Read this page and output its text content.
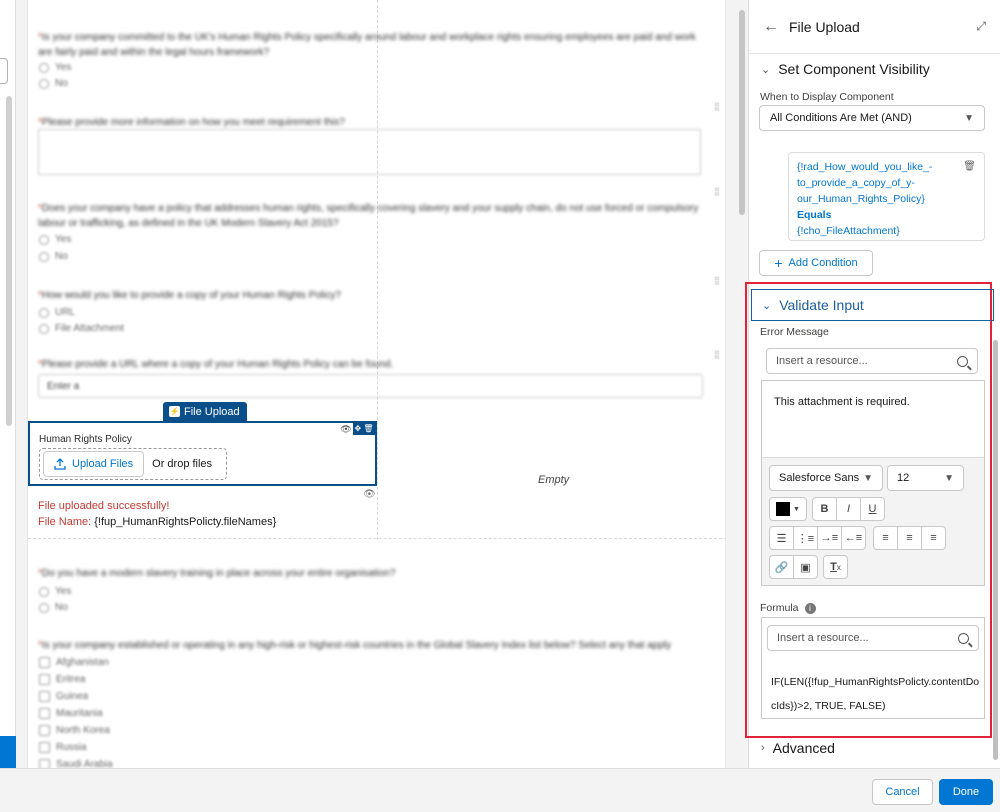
*Is your company committed to the UK's Human Rights Policy specifically around labour and workplace rights ensuring employees are paid and work are fairly paid and within the legal hours framework?
Yes
No
*Please provide more information on how you meet requirement this?
*Does your company have a policy that addresses human rights, specifically covering slavery and your supply chain, do not use forced or compulsory labour or trafficking, as defined in the UK Modern Slavery Act 2015?
Yes
No
*How would you like to provide a copy of your Human Rights Policy?
URL
File Attachment
*Please provide a URL where a copy of your Human Rights Policy can be found.
Enter a
⚡ File Upload
👁 ✥ 🗑
Human Rights Policy
Upload Files Or drop files
👁
Empty
File uploaded successfully!
File Name: {!fup_HumanRightsPolicty.fileNames}
*Do you have a modern slavery training in place across your entire organisation?
Yes
No
*Is your company established or operating in any high-risk or highest-risk countries in the Global Slavery Index list below? Select any that apply
Afghanistan
Eritrea
Guinea
Mauritania
North Korea
Russia
Saudi Arabia
⣿
⣿
⣿
⣿
← File Upload	⤢
⌄ Set Component Visibility
When to Display Component
All Conditions Are Met (AND)	▼
🗑
{!rad_How_would_you_like_-
to_provide_a_copy_of_y-
our_Human_Rights_Policy}
Equals
{!cho_FileAttachment}
+ Add Condition
⌄ Validate Input
Error Message
Insert a resource...
This attachment is required.
Salesforce Sans ▼ 12	▼
▼	B	I	U
☰ ⋮≡ →≡ ←≡	≡	≡	≡
🔗	▣	T x
Formula	i
Insert a resource...
IF(LEN({!fup_HumanRightsPolicty.contentDocIds})>2, TRUE, FALSE)
› Advanced
Cancel	Done
